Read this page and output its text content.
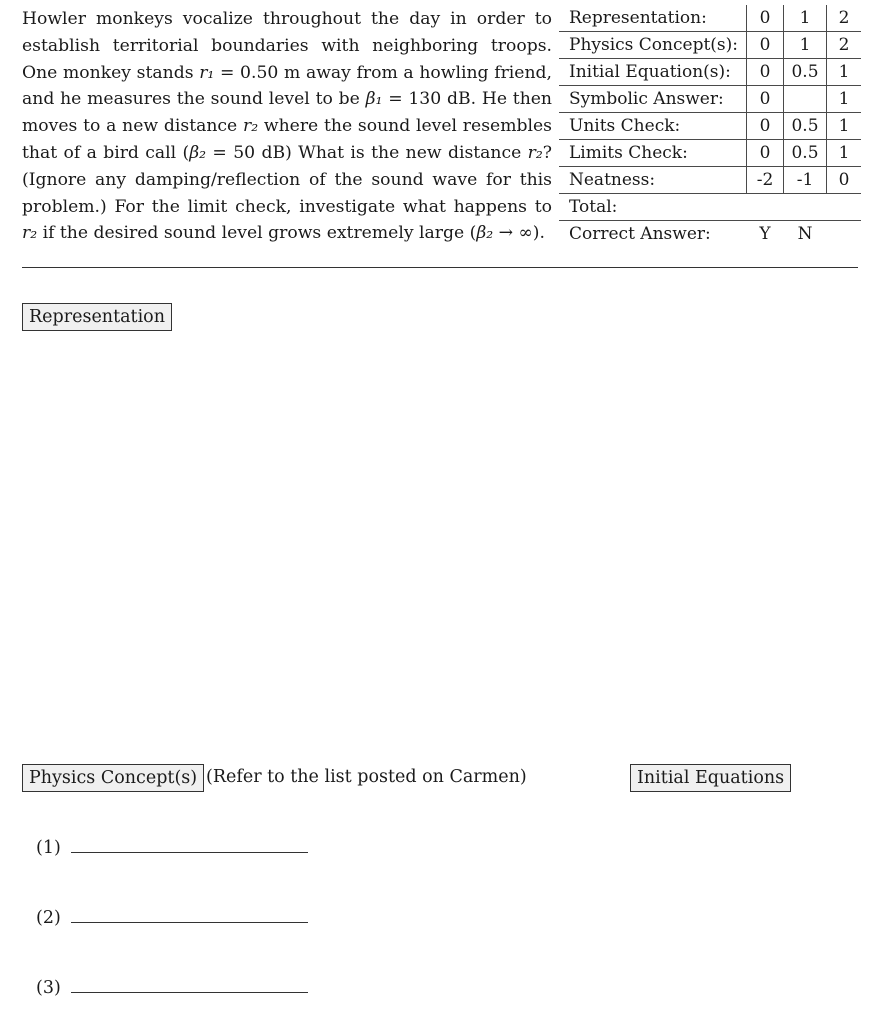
Howler monkeys vocalize throughout the day in order to establish territorial boundaries with neighboring troops. One monkey stands r₁ = 0.50 m away from a howling friend, and he measures the sound level to be β₁ = 130 dB. He then moves to a new distance r₂ where the sound level resembles that of a bird call (β₂ = 50 dB) What is the new distance r₂? (Ignore any damping/reflection of the sound wave for this problem.) For the limit check, investigate what happens to r₂ if the desired sound level grows extremely large (β₂ → ∞).
Representation:	0	1	2
Physics Concept(s):	0	1	2
Initial Equation(s):	0	0.5	1
Symbolic Answer:	0		1
Units Check:	0	0.5	1
Limits Check:	0	0.5	1
Neatness:	-2	-1	0
Total:			
Correct Answer:	Y	N	
Representation
Physics Concept(s) (Refer to the list posted on Carmen)	Initial Equations
(1)
(2)
(3)
